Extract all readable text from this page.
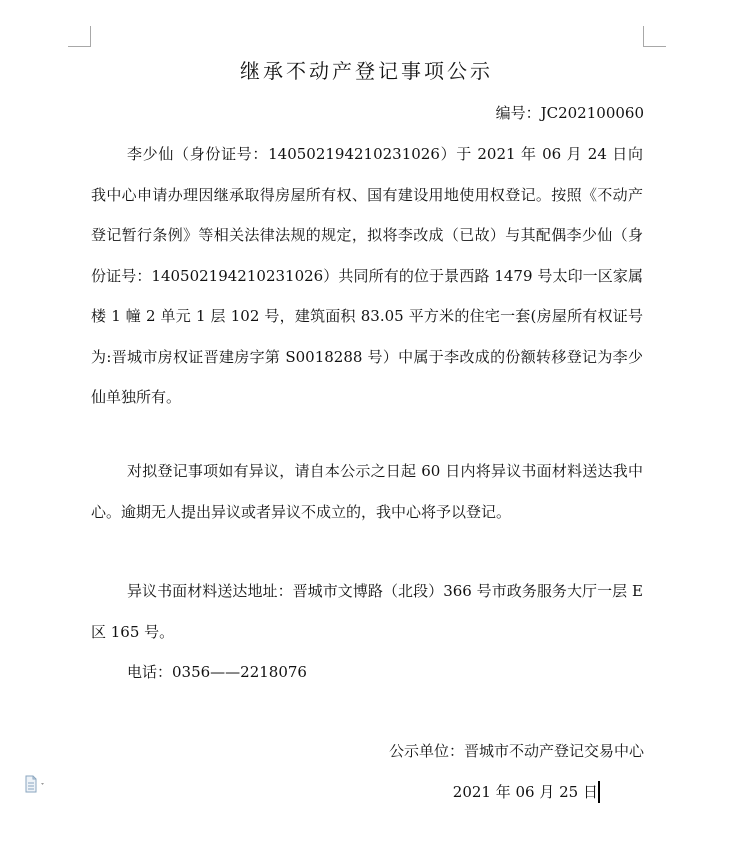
继承不动产登记事项公示
编号：JC202100060

李少仙（身份证号：140502194210231026）于 2021 年 06 月 24 日向我中心申请办理因继承取得房屋所有权、国有建设用地使用权登记。按照《不动产登记暂行条例》等相关法律法规的规定，拟将李改成（已故）与其配偶李少仙（身份证号：140502194210231026）共同所有的位于景西路 1479 号太印一区家属楼 1 幢 2 单元 1 层 102 号，建筑面积 83.05 平方米的住宅一套(房屋所有权证号为:晋城市房权证晋建房字第 S0018288 号）中属于李改成的份额转移登记为李少仙单独所有。

对拟登记事项如有异议，请自本公示之日起 60 日内将异议书面材料送达我中心。逾期无人提出异议或者异议不成立的，我中心将予以登记。

异议书面材料送达地址：晋城市文博路（北段）366 号市政务服务大厅一层 E 区 165 号。

电话：0356——2218076

公示单位：晋城市不动产登记交易中心
2021 年 06 月 25 日
